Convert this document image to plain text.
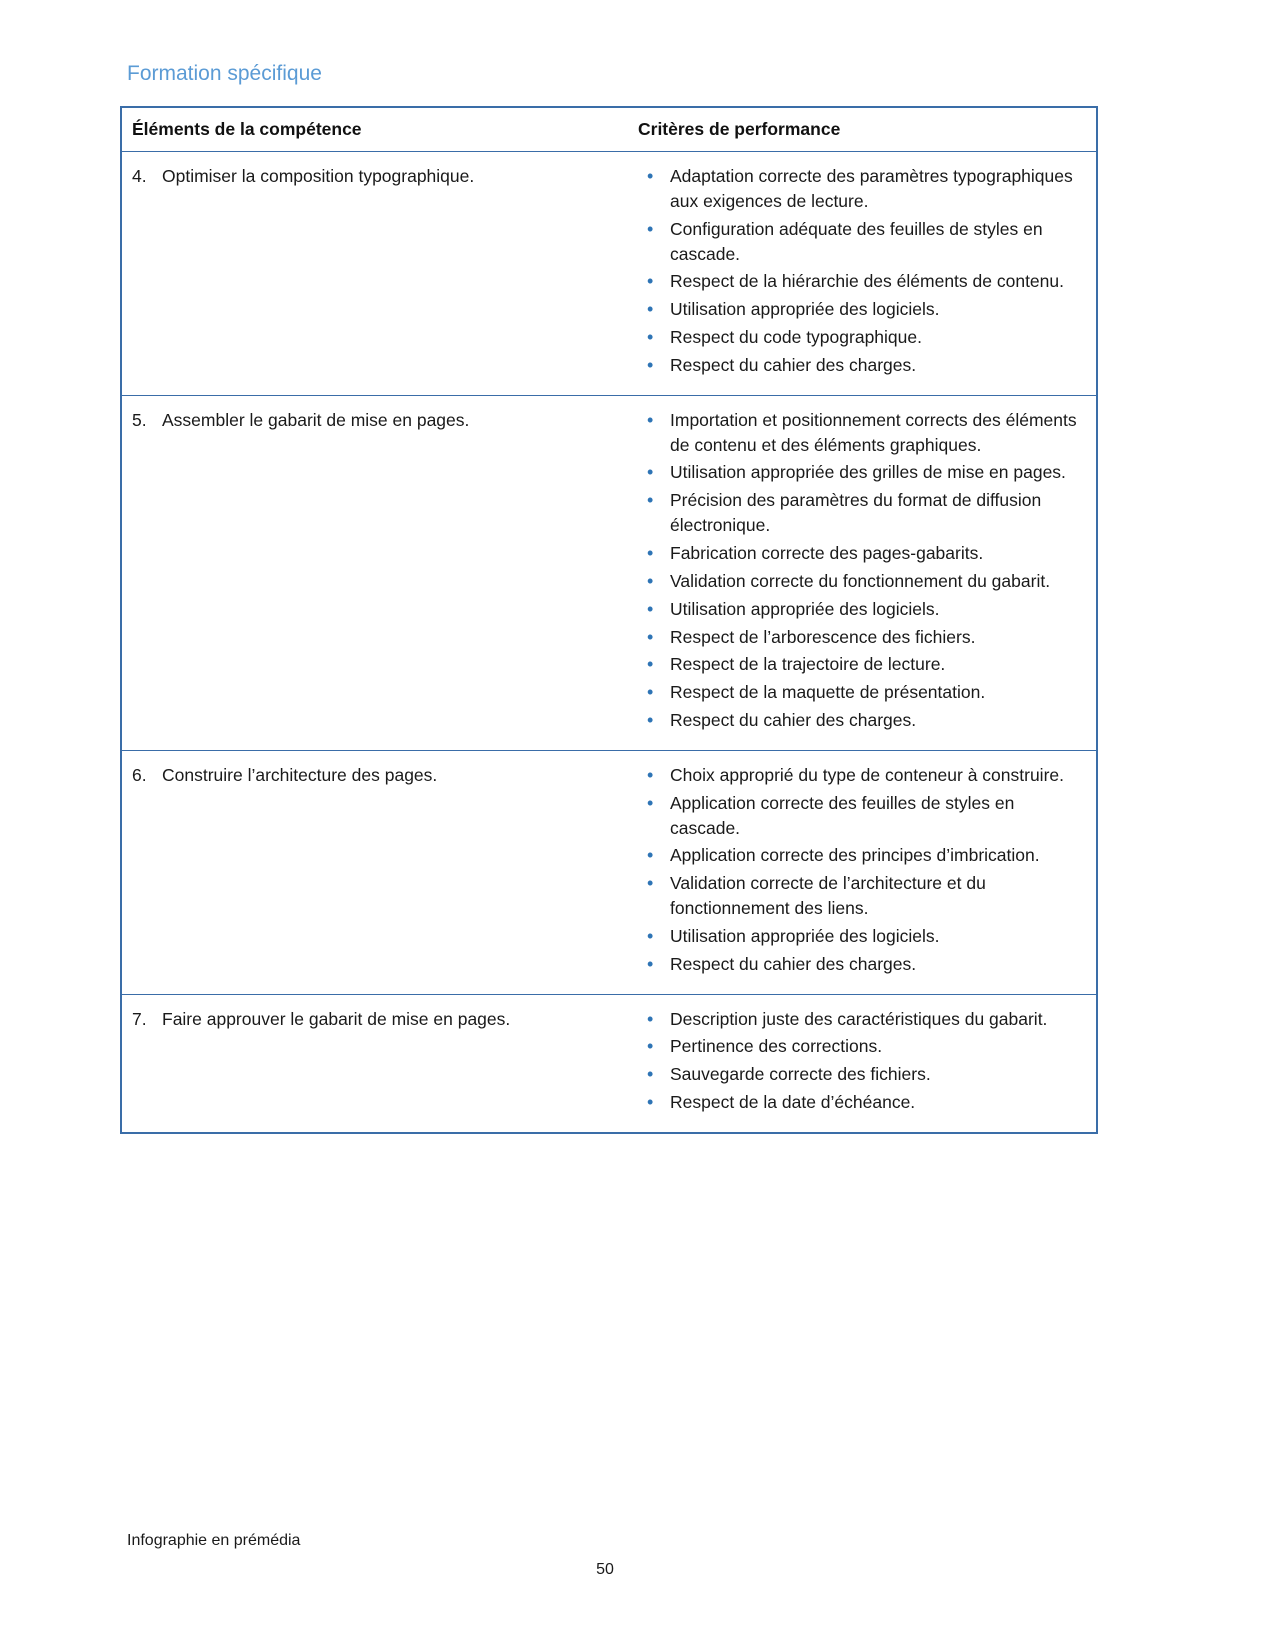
Formation spécifique
Éléments de la compétence	Critères de performance

4. Optimiser la composition typographique.

•Adaptation correcte des paramètres typographiques aux exigences de lecture.
• Configuration adéquate des feuilles de styles en cascade.
• Respect de la hiérarchie des éléments de contenu.
• Utilisation appropriée des logiciels.
• Respect du code typographique.
• Respect du cahier des charges.

5. Assembler le gabarit de mise en pages.

•Importation et positionnement corrects des éléments de contenu et des éléments graphiques.
• Utilisation appropriée des grilles de mise en pages.
• Précision des paramètres du format de diffusion électronique.
• Fabrication correcte des pages-gabarits.
• Validation correcte du fonctionnement du gabarit.
• Utilisation appropriée des logiciels.
• Respect de l’arborescence des fichiers.
• Respect de la trajectoire de lecture.
• Respect de la maquette de présentation.
• Respect du cahier des charges.

6. Construire l’architecture des pages.

•Choix approprié du type de conteneur à construire.
• Application correcte des feuilles de styles en cascade.
• Application correcte des principes d’imbrication.
• Validation correcte de l’architecture et du fonctionnement des liens.
• Utilisation appropriée des logiciels.
• Respect du cahier des charges.

7. Faire approuver le gabarit de mise en pages.

•Description juste des caractéristiques du gabarit.
• Pertinence des corrections.
• Sauvegarde correcte des fichiers.
• Respect de la date d’échéance.
Infographie en prémédia
50
